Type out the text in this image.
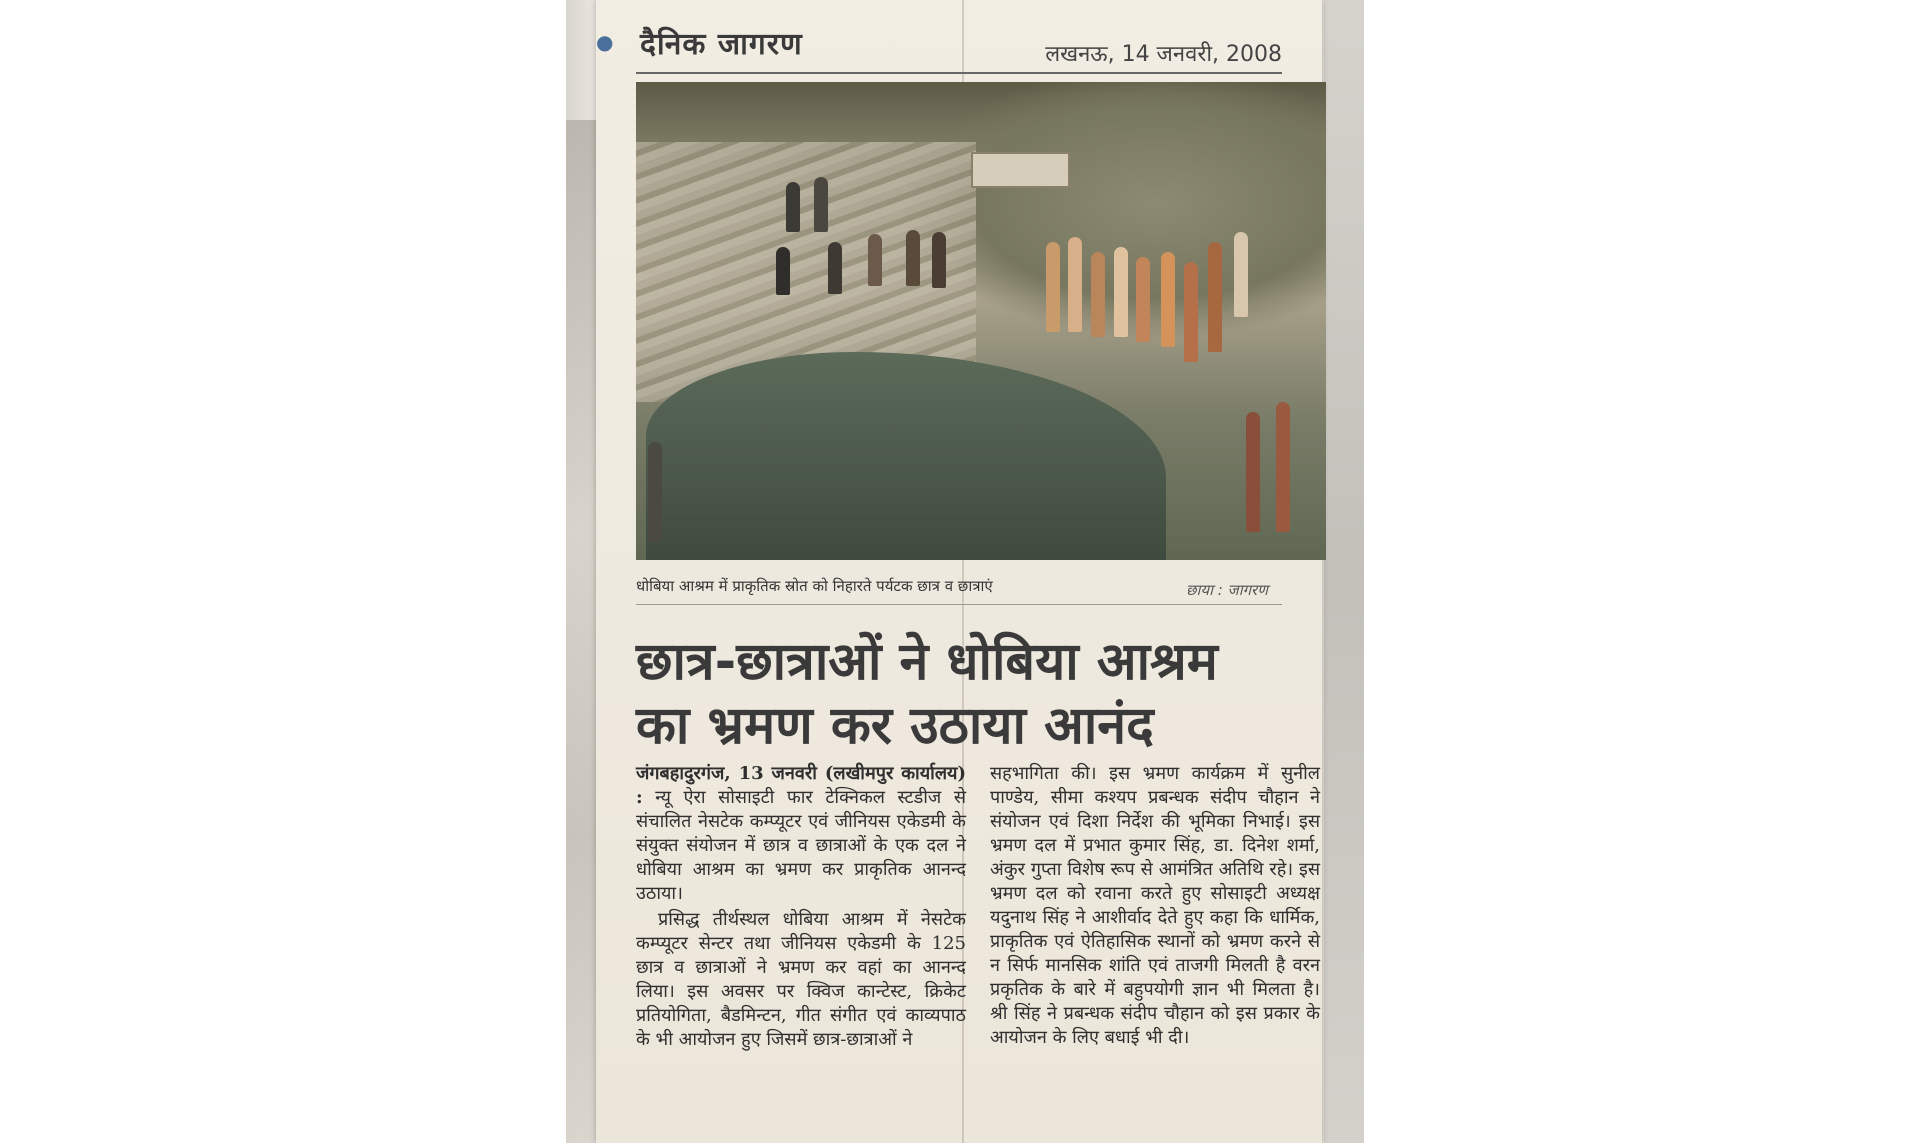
● दैनिक जागरण	लखनऊ, 14 जनवरी, 2008
धोबिया आश्रम में प्राकृतिक स्रोत को निहारते पर्यटक छात्र व छात्राएं	छाया : जागरण
छात्र-छात्राओं ने धोबिया आश्रम
का भ्रमण कर उठाया आनंद

जंगबहादुरगंज, 13 जनवरी (लखीमपुर कार्यालय) : न्यू ऐरा सोसाइटी फार टेक्निकल स्टडीज से संचालित नेसटेक कम्प्यूटर एवं जीनियस एकेडमी के संयुक्त संयोजन में छात्र व छात्राओं के एक दल ने धोबिया आश्रम का भ्रमण कर प्राकृतिक आनन्द उठाया।

प्रसिद्ध तीर्थस्थल धोबिया आश्रम में नेसटेक कम्प्यूटर सेन्टर तथा जीनियस एकेडमी के 125 छात्र व छात्राओं ने भ्रमण कर वहां का आनन्द लिया। इस अवसर पर क्विज कान्टेस्ट, क्रिकेट प्रतियोगिता, बैडमिन्टन, गीत संगीत एवं काव्यपाठ के भी आयोजन हुए जिसमें छात्र-छात्राओं ने

सहभागिता की। इस भ्रमण कार्यक्रम में सुनील पाण्डेय, सीमा कश्यप प्रबन्धक संदीप चौहान ने संयोजन एवं दिशा निर्देश की भूमिका निभाई। इस भ्रमण दल में प्रभात कुमार सिंह, डा. दिनेश शर्मा, अंकुर गुप्ता विशेष रूप से आमंत्रित अतिथि रहे। इस भ्रमण दल को रवाना करते हुए सोसाइटी अध्यक्ष यदुनाथ सिंह ने आशीर्वाद देते हुए कहा कि धार्मिक, प्राकृतिक एवं ऐतिहासिक स्थानों को भ्रमण करने से न सिर्फ मानसिक शांति एवं ताजगी मिलती है वरन प्रकृतिक के बारे में बहुपयोगी ज्ञान भी मिलता है। श्री सिंह ने प्रबन्धक संदीप चौहान को इस प्रकार के आयोजन के लिए बधाई भी दी।
